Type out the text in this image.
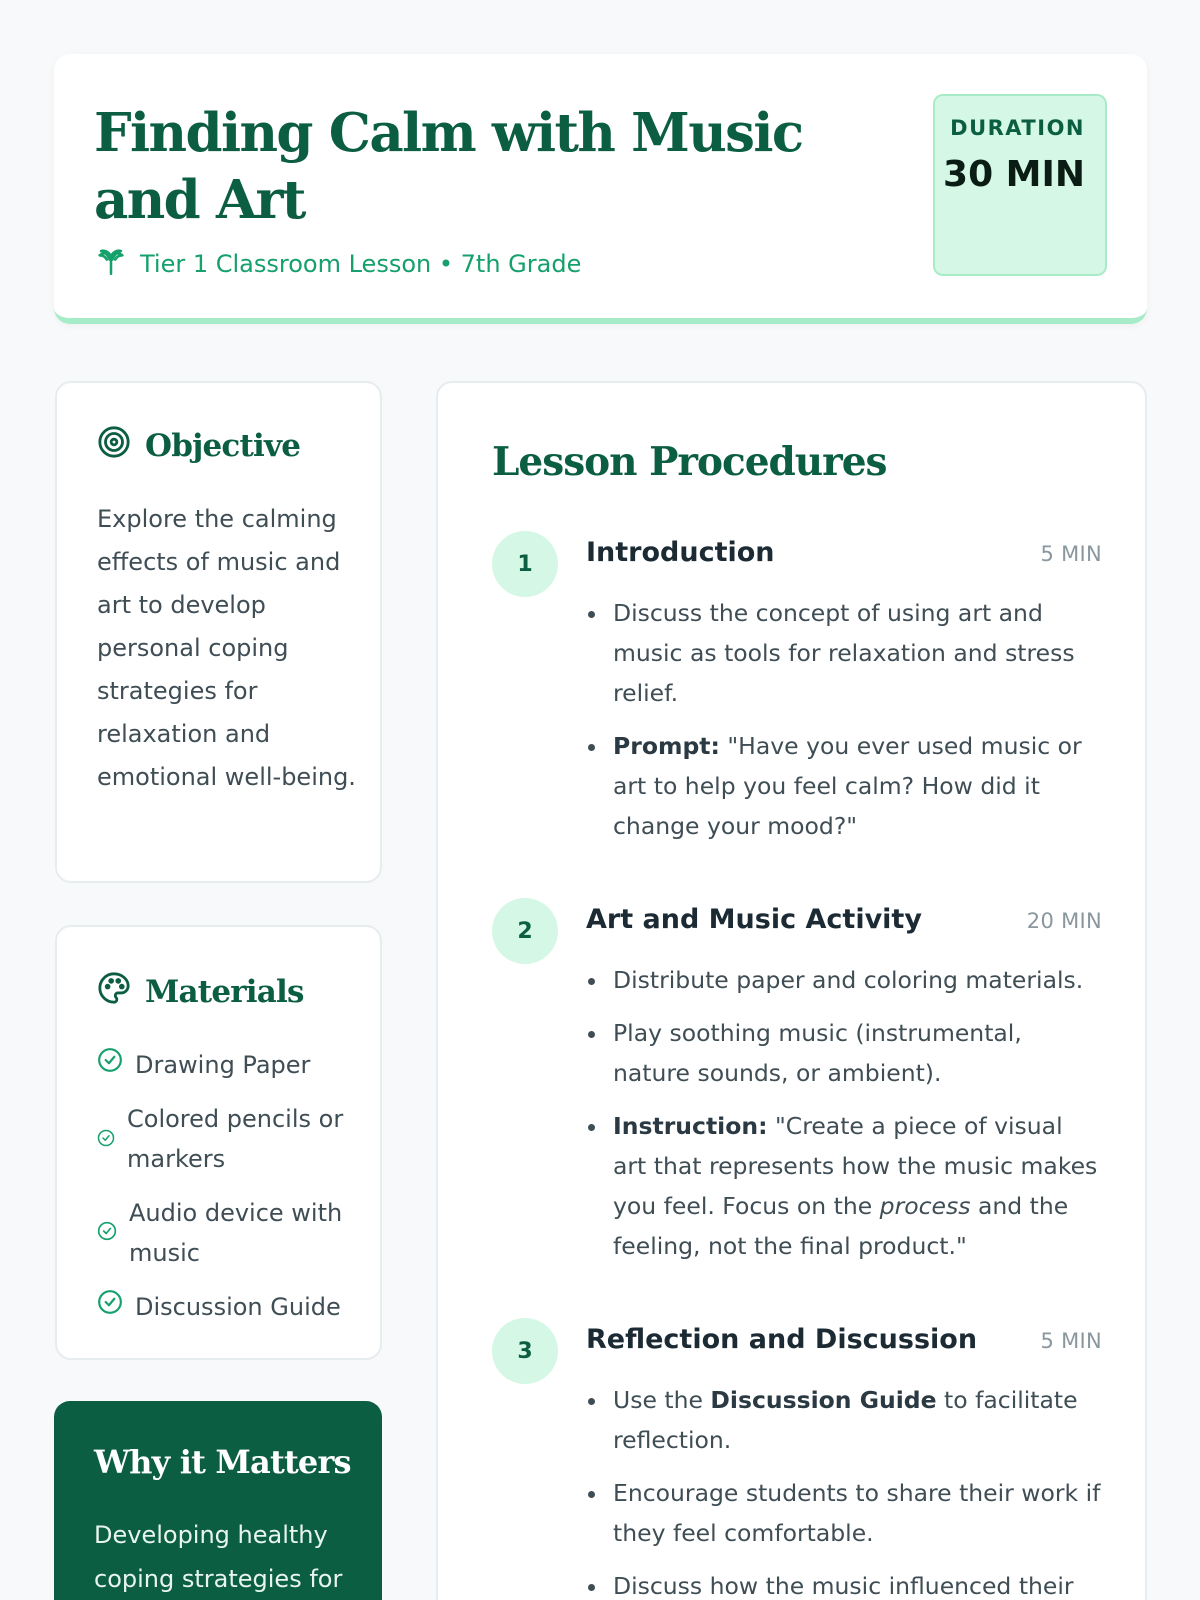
Finding Calm with Music and Art
Tier 1 Classroom Lesson • 7th Grade
DURATION
30 MIN
Objective

Explore the calming effects of music and art to develop personal coping strategies for relaxation and emotional well-being.

Materials
Drawing Paper
Colored pencils or markers
Audio device with music
Discussion Guide
Why it Matters

Developing healthy coping strategies for

Lesson Procedures
1	Introduction	5 MIN
Discuss the concept of using art and music as tools for relaxation and stress relief.
Prompt: "Have you ever used music or art to help you feel calm? How did it change your mood?"
2	Art and Music Activity	20 MIN
Distribute paper and coloring materials.
Play soothing music (instrumental, nature sounds, or ambient).
Instruction: "Create a piece of visual art that represents how the music makes you feel. Focus on the process and the feeling, not the final product."
3	Reflection and Discussion	5 MIN
Use the Discussion Guide to facilitate reflection.
Encourage students to share their work if they feel comfortable.
Discuss how the music influenced their
